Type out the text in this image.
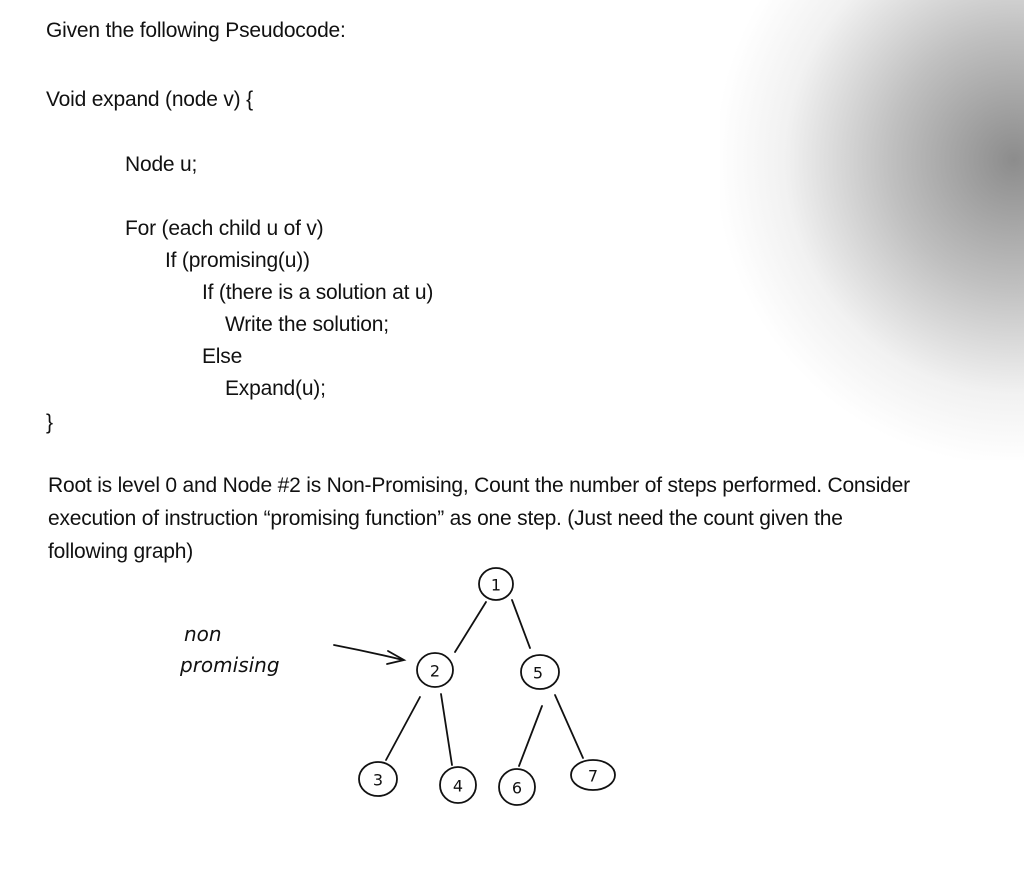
Given the following Pseudocode:
Void expand (node v) {
Node u;
For (each child u of v)
If (promising(u))
If (there is a solution at u)
Write the solution;
Else
Expand(u);
}
Root is level 0 and Node #2 is Non-Promising, Count the number of steps performed. Consider
execution of instruction “promising function” as one step. (Just need the count given the
following graph)
non
promising
1
2	5
3	4	6
7
